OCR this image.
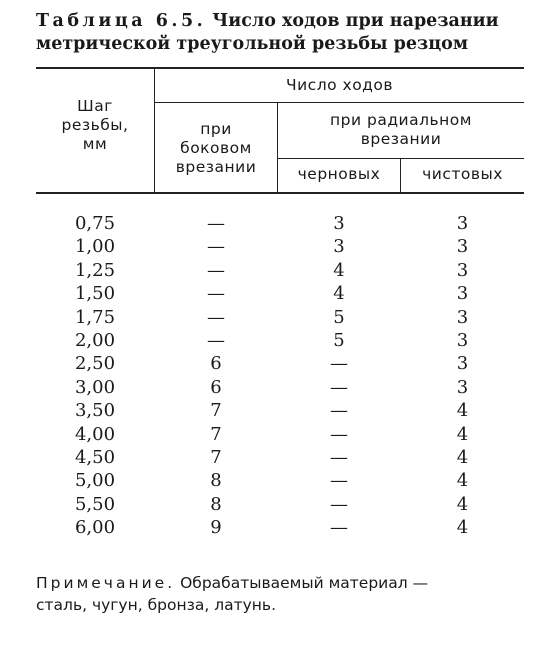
Таблица 6.5. Число ходов при нарезании
метрической треугольной резьбы резцом
Шаг
резьбы,
мм
Число ходов
при
боковом
врезании
при радиальном
врезании
черновых	чистовых
0,75
1,00
1,25
1,50
1,75
2,00
2,50
3,00
3,50
4,00
4,50
5,00
5,50
6,00
—
—
—
—
—
—
6
6
7
7
7
8
8
9
3
3
4
4
5
5
—
—
—
—
—
—
—
—
3
3
3
3
3
3
3
3
4
4
4
4
4
4
Примечание. Обрабатываемый материал —
сталь, чугун, бронза, латунь.
